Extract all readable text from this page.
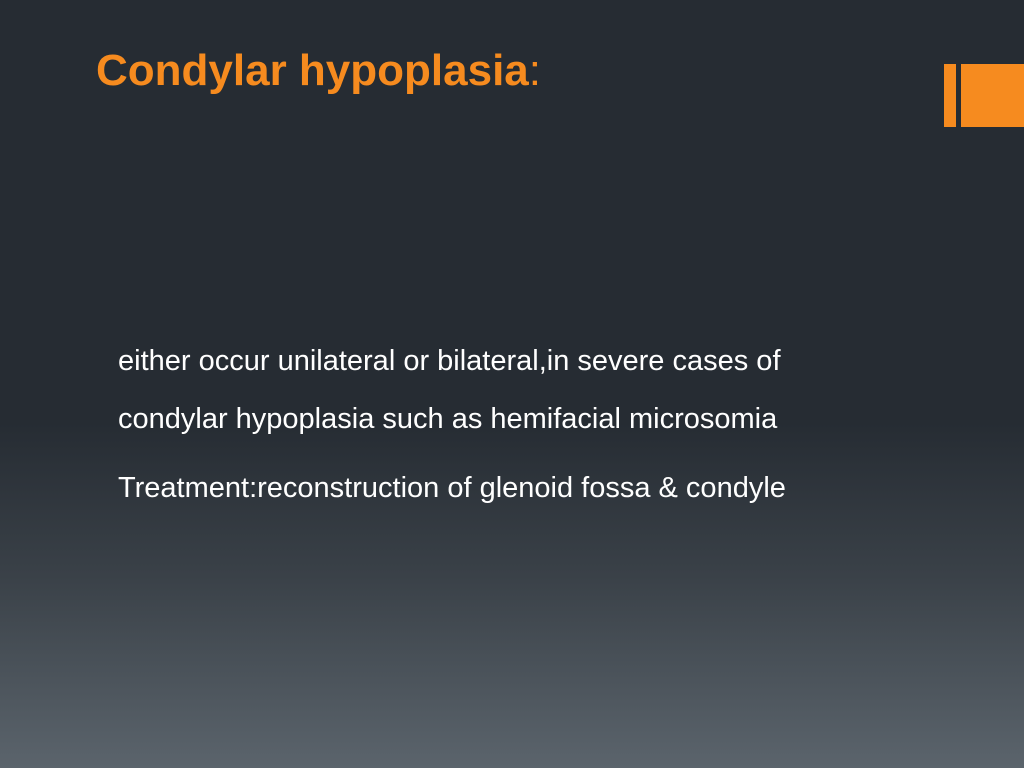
Condylar hypoplasia:
either occur unilateral or bilateral,in severe cases of
condylar hypoplasia such as hemifacial microsomia
Treatment:reconstruction of glenoid fossa & condyle
